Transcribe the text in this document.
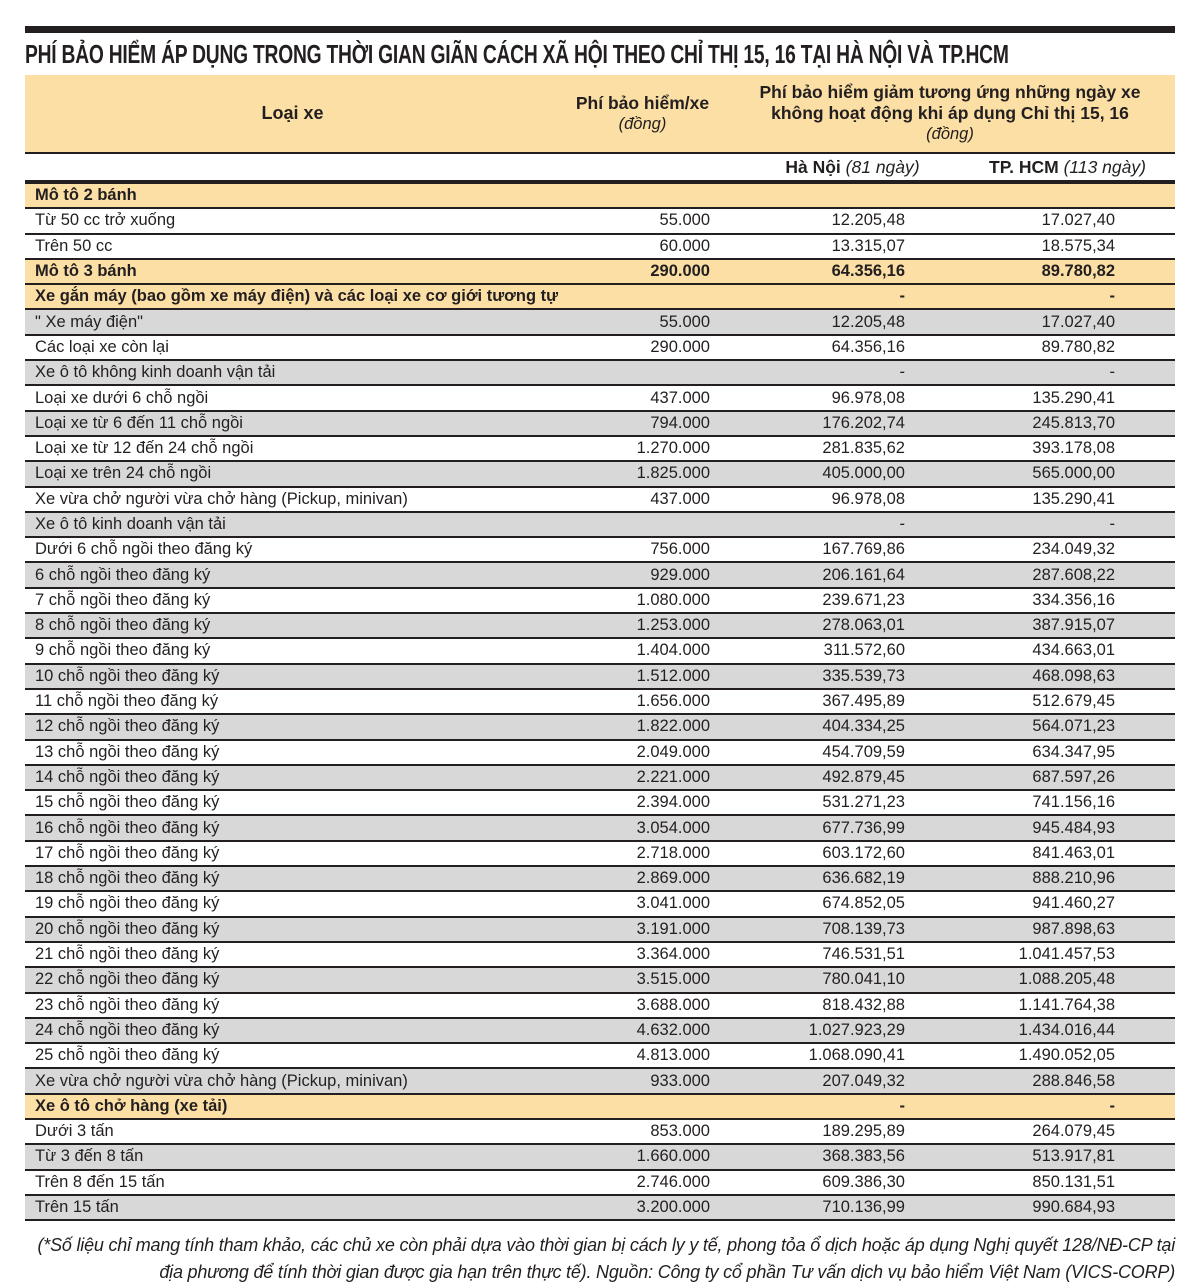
PHÍ BẢO HIỂM ÁP DỤNG TRONG THỜI GIAN GIÃN CÁCH XÃ HỘI THEO CHỈ THỊ 15, 16 TẠI HÀ NỘI VÀ TP.HCM
Loại xe	
Phí bảo hiểm/xe
(đồng)

Phí bảo hiểm giảm tương ứng những ngày xe
không hoạt động khi áp dụng Chỉ thị 15, 16
(đồng)

		Hà Nội (81 ngày)	TP. HCM (113 ngày)
Mô tô 2 bánh			
Từ 50 cc trở xuống	55.000	12.205,48	17.027,40
Trên 50 cc	60.000	13.315,07	18.575,34
Mô tô 3 bánh	290.000	64.356,16	89.780,82
Xe gắn máy (bao gồm xe máy điện) và các loại xe cơ giới tương tự		-	-
" Xe máy điện"	55.000	12.205,48	17.027,40
Các loại xe còn lại	290.000	64.356,16	89.780,82
Xe ô tô không kinh doanh vận tải		-	-
Loại xe dưới 6 chỗ ngồi	437.000	96.978,08	135.290,41
Loại xe từ 6 đến 11 chỗ ngồi	794.000	176.202,74	245.813,70
Loại xe từ 12 đến 24 chỗ ngồi	1.270.000	281.835,62	393.178,08
Loại xe trên 24 chỗ ngồi	1.825.000	405.000,00	565.000,00
Xe vừa chở người vừa chở hàng (Pickup, minivan)	437.000	96.978,08	135.290,41
Xe ô tô kinh doanh vận tải		-	-
Dưới 6 chỗ ngồi theo đăng ký	756.000	167.769,86	234.049,32
6 chỗ ngồi theo đăng ký	929.000	206.161,64	287.608,22
7 chỗ ngồi theo đăng ký	1.080.000	239.671,23	334.356,16
8 chỗ ngồi theo đăng ký	1.253.000	278.063,01	387.915,07
9 chỗ ngồi theo đăng ký	1.404.000	311.572,60	434.663,01
10 chỗ ngồi theo đăng ký	1.512.000	335.539,73	468.098,63
11 chỗ ngồi theo đăng ký	1.656.000	367.495,89	512.679,45
12 chỗ ngồi theo đăng ký	1.822.000	404.334,25	564.071,23
13 chỗ ngồi theo đăng ký	2.049.000	454.709,59	634.347,95
14 chỗ ngồi theo đăng ký	2.221.000	492.879,45	687.597,26
15 chỗ ngồi theo đăng ký	2.394.000	531.271,23	741.156,16
16 chỗ ngồi theo đăng ký	3.054.000	677.736,99	945.484,93
17 chỗ ngồi theo đăng ký	2.718.000	603.172,60	841.463,01
18 chỗ ngồi theo đăng ký	2.869.000	636.682,19	888.210,96
19 chỗ ngồi theo đăng ký	3.041.000	674.852,05	941.460,27
20 chỗ ngồi theo đăng ký	3.191.000	708.139,73	987.898,63
21 chỗ ngồi theo đăng ký	3.364.000	746.531,51	1.041.457,53
22 chỗ ngồi theo đăng ký	3.515.000	780.041,10	1.088.205,48
23 chỗ ngồi theo đăng ký	3.688.000	818.432,88	1.141.764,38
24 chỗ ngồi theo đăng ký	4.632.000	1.027.923,29	1.434.016,44
25 chỗ ngồi theo đăng ký	4.813.000	1.068.090,41	1.490.052,05
Xe vừa chở người vừa chở hàng (Pickup, minivan)	933.000	207.049,32	288.846,58
Xe ô tô chở hàng (xe tải)		-	-
Dưới 3 tấn	853.000	189.295,89	264.079,45
Từ 3 đến 8 tấn	1.660.000	368.383,56	513.917,81
Trên 8 đến 15 tấn	2.746.000	609.386,30	850.131,51
Trên 15 tấn	3.200.000	710.136,99	990.684,93

(*Số liệu chỉ mang tính tham khảo, các chủ xe còn phải dựa vào thời gian bị cách ly y tế, phong tỏa ổ dịch hoặc áp dụng Nghị quyết 128/NĐ-CP tại
địa phương để tính thời gian được gia hạn trên thực tế). Nguồn: Công ty cổ phần Tư vấn dịch vụ bảo hiểm Việt Nam (VICS-CORP)
